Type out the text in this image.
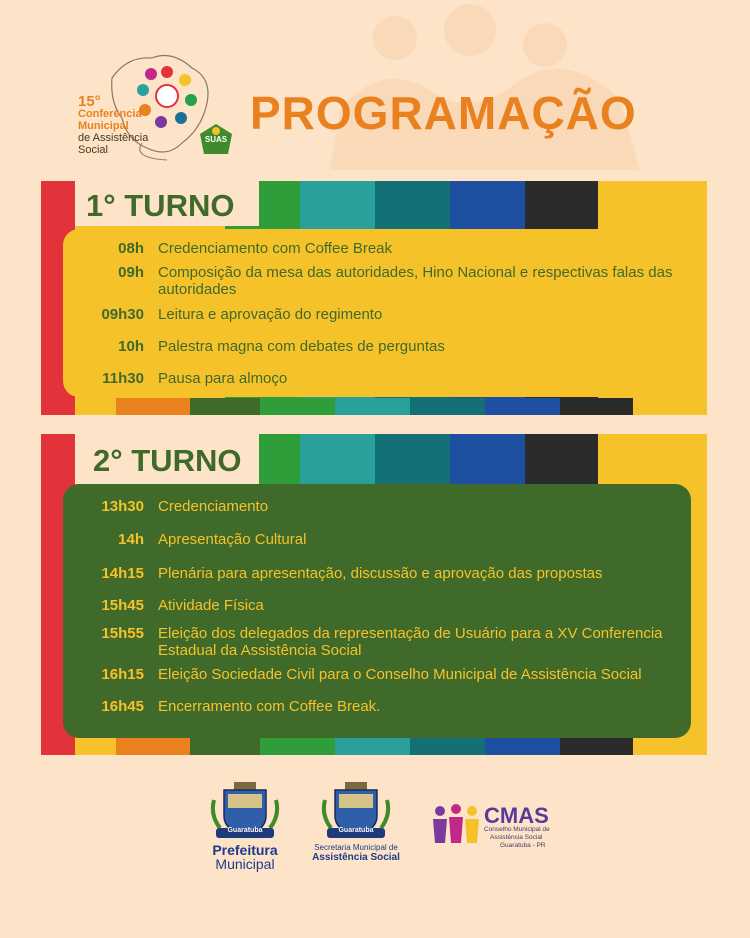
15°
Conferência
Municipal
de Assistência
Social
SUAS
PROGRAMAÇÃO
1° TURNO
08h Credenciamento com Coffee Break
09h Composição da mesa das autoridades, Hino Nacional e respectivas falas das autoridades
09h30 Leitura e aprovação do regimento
10h Palestra magna com debates de perguntas
11h30 Pausa para almoço
2° TURNO
13h30 Credenciamento
14h Apresentação Cultural
14h15 Plenária para apresentação, discussão e aprovação das propostas
15h45 Atividade Física
15h55 Eleição dos delegados da representação de Usuário para a XV Conferencia Estadual da Assistência Social
16h15 Eleição Sociedade Civil para o Conselho Municipal de Assistência Social
16h45 Encerramento com Coffee Break.
Guaratuba
Prefeitura
Municipal
Guaratuba
Secretaria Municipal de
Assistência Social
CMAS
Conselho Municipal de
Assistência Social
Guaratuba - PR
